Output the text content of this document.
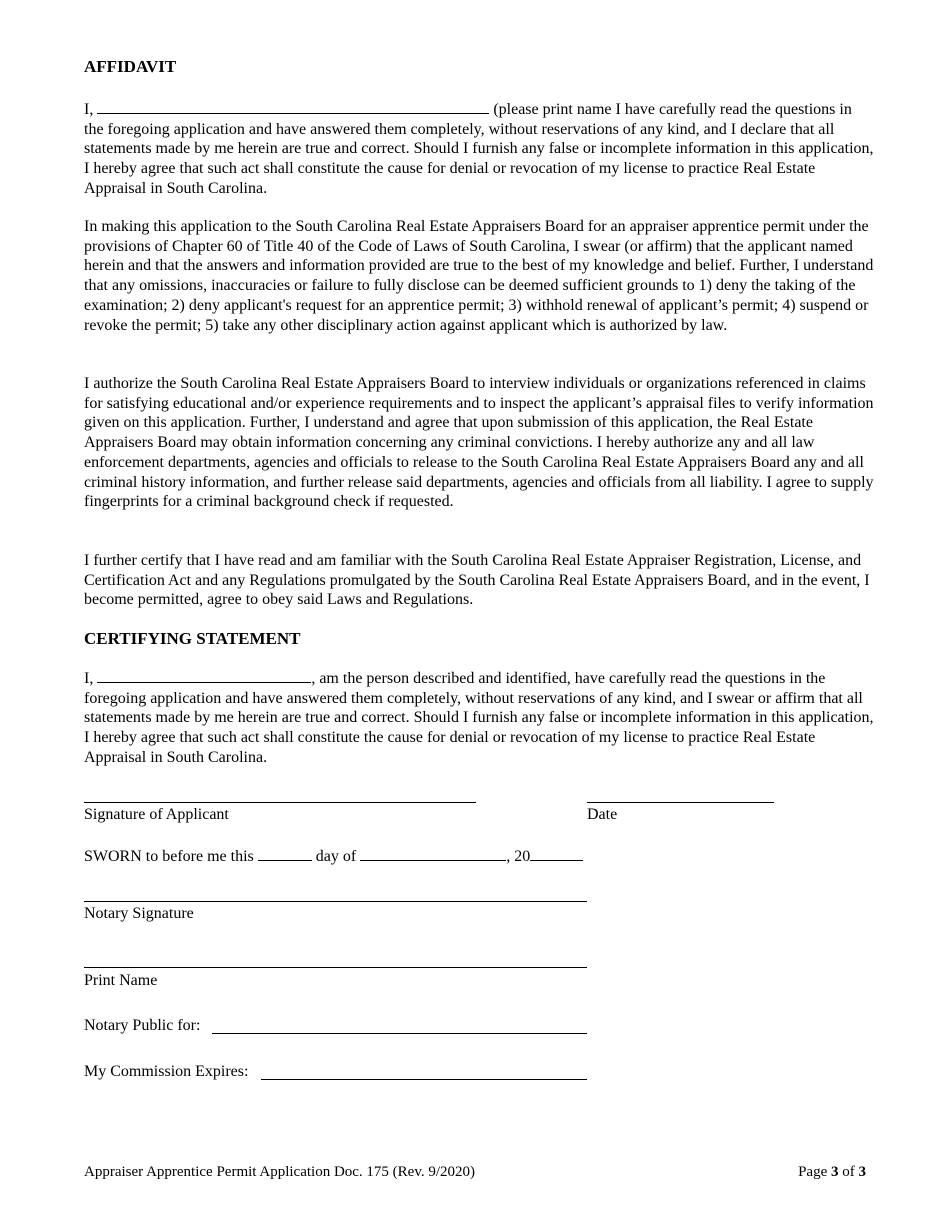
AFFIDAVIT

I,	(please print name I have carefully read the questions in the foregoing application and have answered them completely, without reservations of any kind, and I declare that all statements made by me herein are true and correct. Should I furnish any false or incomplete information in this application, I hereby agree that such act shall constitute the cause for denial or revocation of my license to practice Real Estate Appraisal in South Carolina.

In making this application to the South Carolina Real Estate Appraisers Board for an appraiser apprentice permit under the provisions of Chapter 60 of Title 40 of the Code of Laws of South Carolina, I swear (or affirm) that the applicant named herein and that the answers and information provided are true to the best of my knowledge and belief. Further, I understand that any omissions, inaccuracies or failure to fully disclose can be deemed sufficient grounds to 1) deny the taking of the examination; 2) deny applicant's request for an apprentice permit; 3) withhold renewal of applicant’s permit; 4) suspend or revoke the permit; 5) take any other disciplinary action against applicant which is authorized by law.

I authorize the South Carolina Real Estate Appraisers Board to interview individuals or organizations referenced in claims for satisfying educational and/or experience requirements and to inspect the applicant’s appraisal files to verify information given on this application. Further, I understand and agree that upon submission of this application, the Real Estate Appraisers Board may obtain information concerning any criminal convictions. I hereby authorize any and all law enforcement departments, agencies and officials to release to the South Carolina Real Estate Appraisers Board any and all criminal history information, and further release said departments, agencies and officials from all liability. I agree to supply fingerprints for a criminal background check if requested.

I further certify that I have read and am familiar with the South Carolina Real Estate Appraiser Registration, License, and Certification Act and any Regulations promulgated by the South Carolina Real Estate Appraisers Board, and in the event, I become permitted, agree to obey said Laws and Regulations.

CERTIFYING STATEMENT

I,	, am the person described and identified, have carefully read the questions in the foregoing application and have answered them completely, without reservations of any kind, and I swear or affirm that all statements made by me herein are true and correct. Should I furnish any false or incomplete information in this application, I hereby agree that such act shall constitute the cause for denial or revocation of my license to practice Real Estate Appraisal in South Carolina.

Signature of Applicant	Date

SWORN to before me this	day of	, 20

Notary Signature

Print Name

Notary Public for:

My Commission Expires:

Appraiser Apprentice Permit Application Doc. 175 (Rev. 9/2020)	Page 3 of 3
